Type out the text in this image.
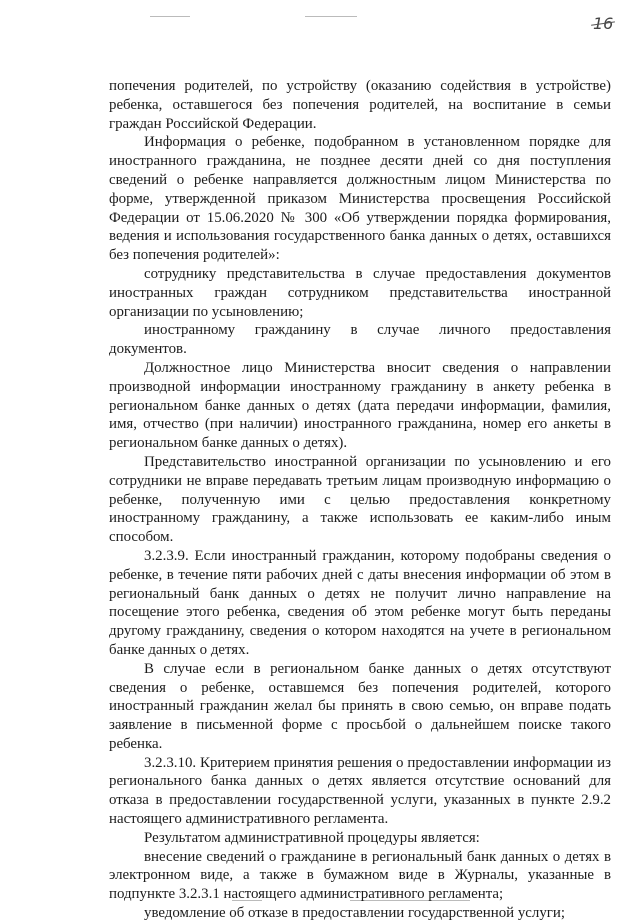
16

попечения родителей, по устройству (оказанию содействия в устройстве) ребенка, оставшегося без попечения родителей, на воспитание в семьи граждан Российской Федерации.

Информация о ребенке, подобранном в установленном порядке для иностранного гражданина, не позднее десяти дней со дня поступления сведений о ребенке направляется должностным лицом Министерства по форме, утвержденной приказом Министерства просвещения Российской Федерации от 15.06.2020 № 300 «Об утверждении порядка формирования, ведения и использования государственного банка данных о детях, оставшихся без попечения родителей»:

сотруднику представительства в случае предоставления документов иностранных граждан сотрудником представительства иностранной организации по усыновлению;

иностранному гражданину в случае личного предоставления документов.

Должностное лицо Министерства вносит сведения о направлении производной информации иностранному гражданину в анкету ребенка в региональном банке данных о детях (дата передачи информации, фамилия, имя, отчество (при наличии) иностранного гражданина, номер его анкеты в региональном банке данных о детях).

Представительство иностранной организации по усыновлению и его сотрудники не вправе передавать третьим лицам производную информацию о ребенке, полученную ими с целью предоставления конкретному иностранному гражданину, а также использовать ее каким-либо иным способом.

3.2.3.9. Если иностранный гражданин, которому подобраны сведения о ребенке, в течение пяти рабочих дней с даты внесения информации об этом в региональный банк данных о детях не получит лично направление на посещение этого ребенка, сведения об этом ребенке могут быть переданы другому гражданину, сведения о котором находятся на учете в региональном банке данных о детях.

В случае если в региональном банке данных о детях отсутствуют сведения о ребенке, оставшемся без попечения родителей, которого иностранный гражданин желал бы принять в свою семью, он вправе подать заявление в письменной форме с просьбой о дальнейшем поиске такого ребенка.

3.2.3.10. Критерием принятия решения о предоставлении информации из регионального банка данных о детях является отсутствие оснований для отказа в предоставлении государственной услуги, указанных в пункте 2.9.2 настоящего административного регламента.

Результатом административной процедуры является:

внесение сведений о гражданине в региональный банк данных о детях в электронном виде, а также в бумажном виде в Журналы, указанные в подпункте 3.2.3.1 настоящего административного регламента;

уведомление об отказе в предоставлении государственной услуги;
